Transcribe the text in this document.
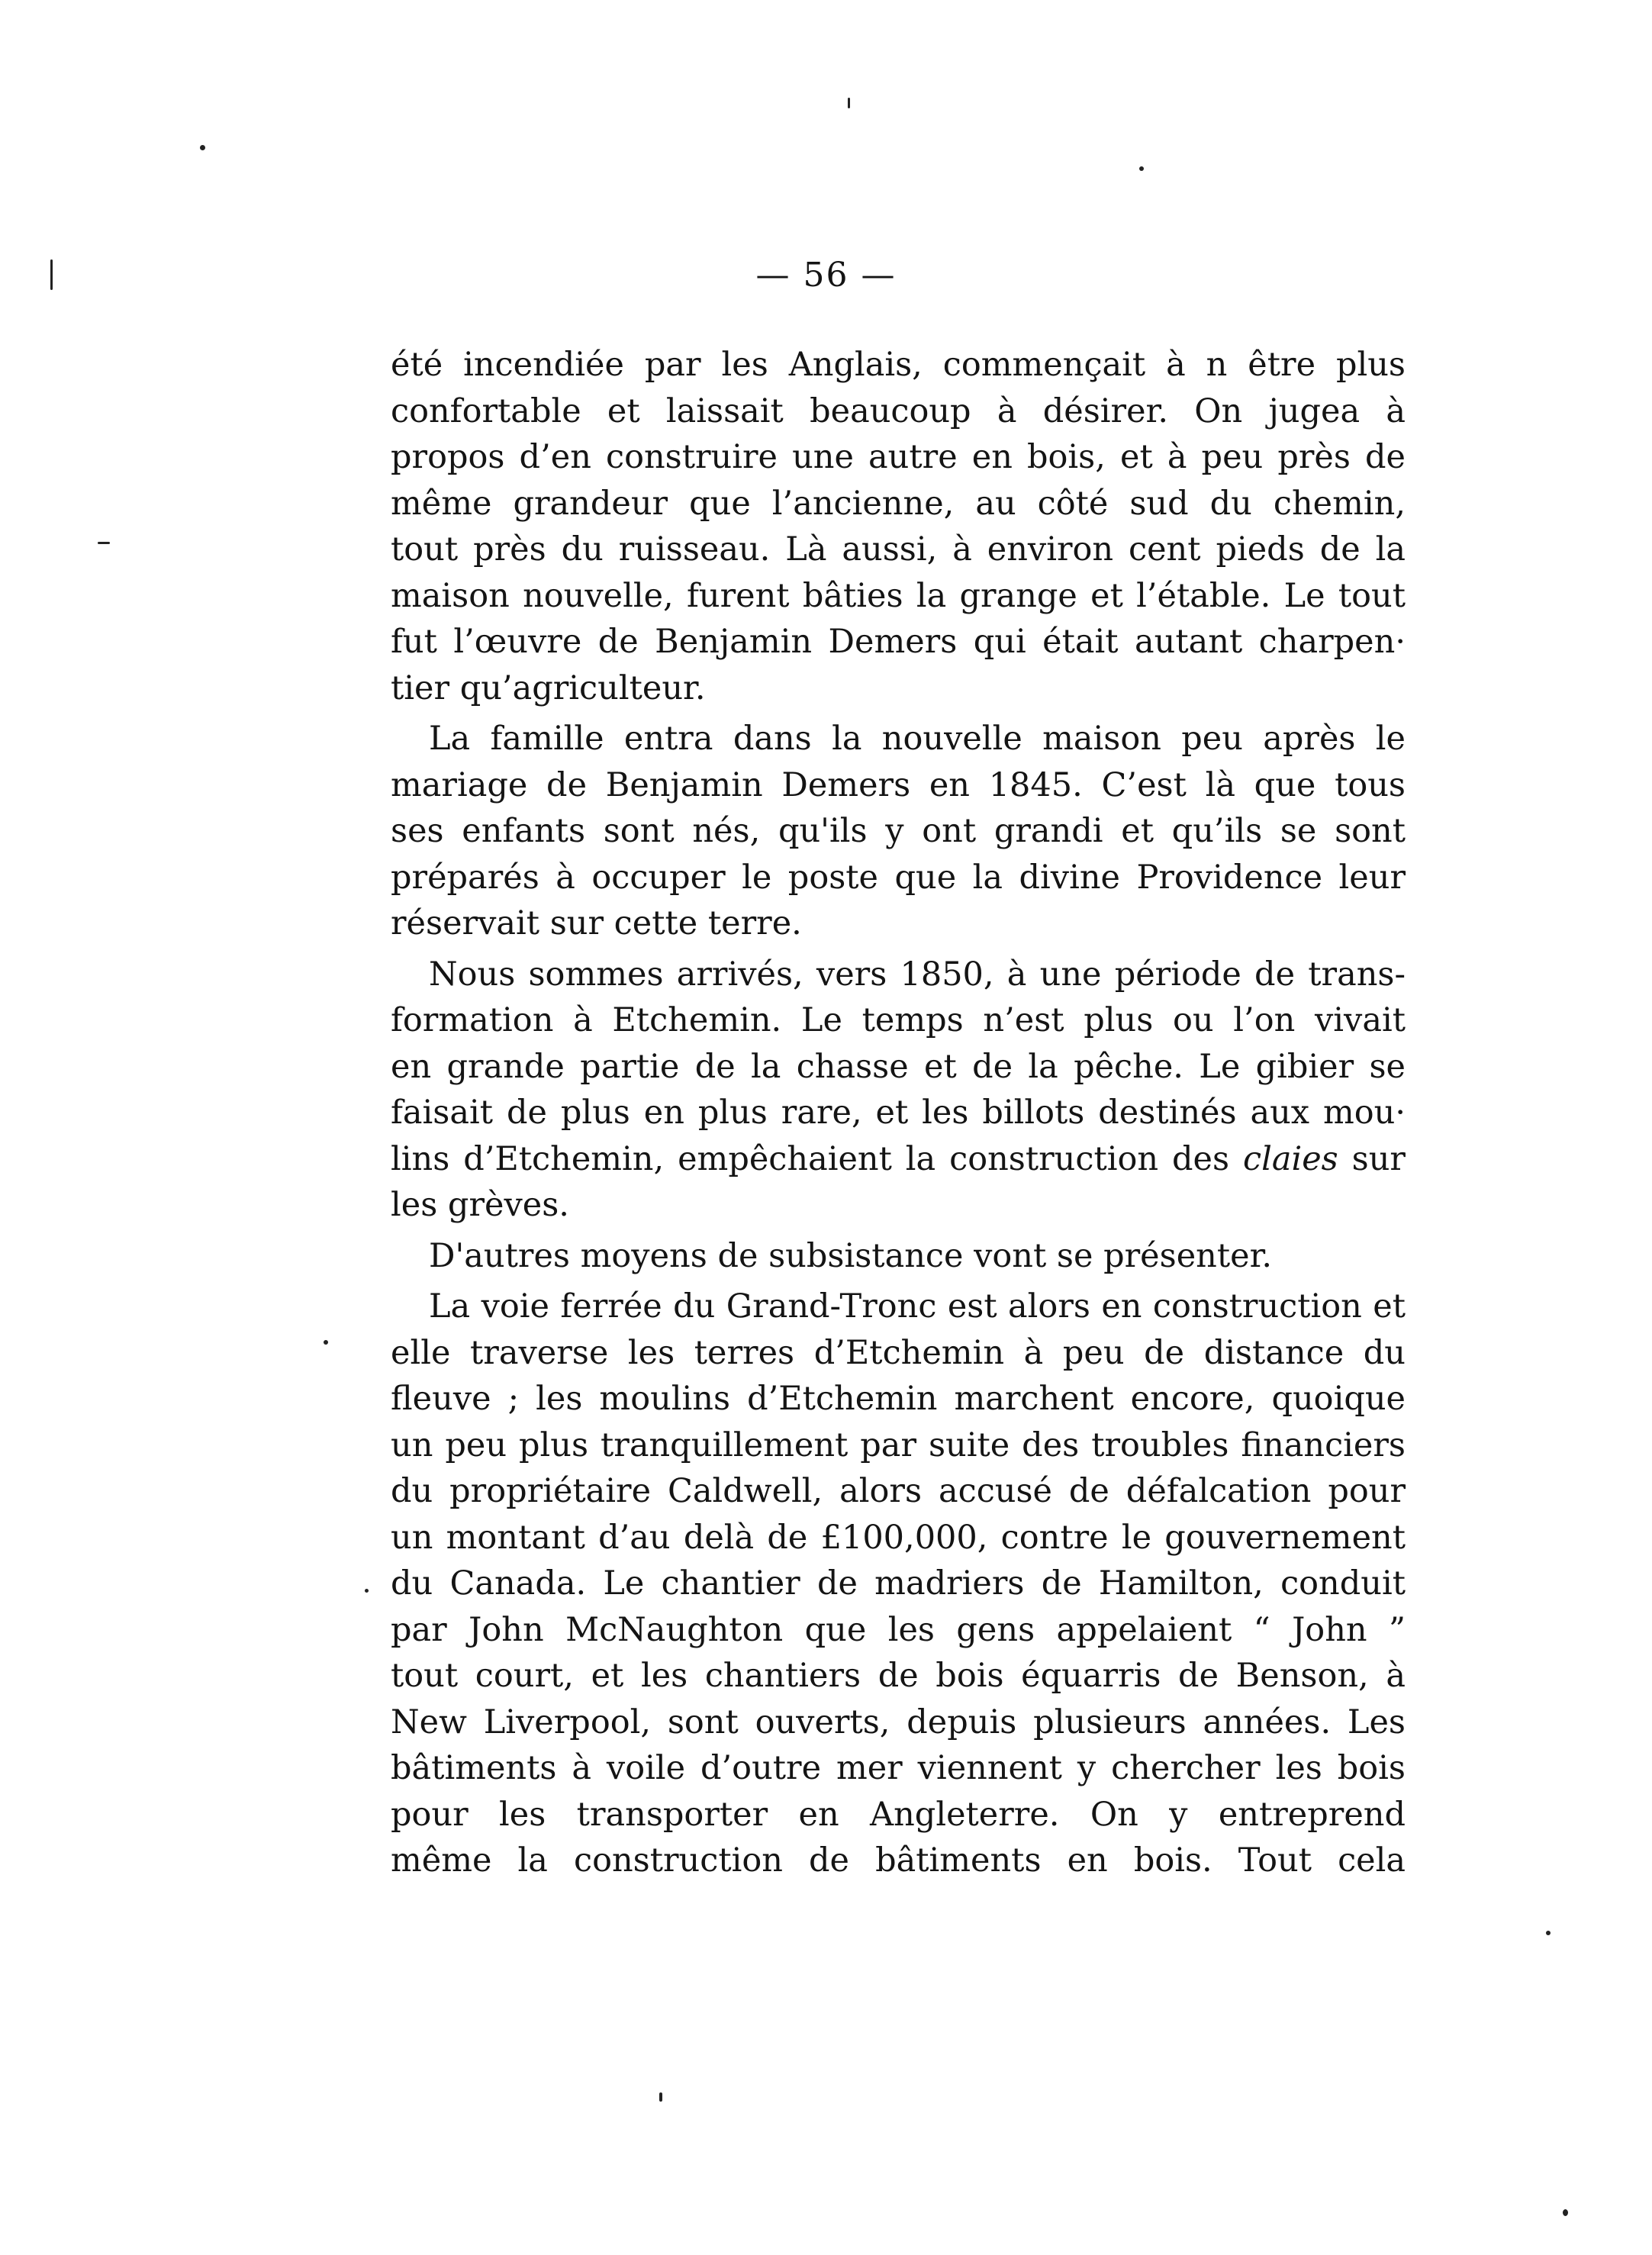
— 56 —

été incendiée par les Anglais, commençait à n être plus
confortable et laissait beaucoup à désirer. On jugea à
propos d’en construire une autre en bois, et à peu près de
même grandeur que l’ancienne, au côté sud du chemin,
tout près du ruisseau. Là aussi, à environ cent pieds de la
maison nouvelle, furent bâties la grange et l’étable. Le tout
fut l’œuvre de Benjamin Demers qui était autant charpen·
tier qu’agriculteur.

La famille entra dans la nouvelle maison peu après le
mariage de Benjamin Demers en 1845. C’est là que tous
ses enfants sont nés, qu'ils y ont grandi et qu’ils se sont
préparés à occuper le poste que la divine Providence leur
réservait sur cette terre.

Nous sommes arrivés, vers 1850, à une période de trans-
formation à Etchemin. Le temps n’est plus ou l’on vivait
en grande partie de la chasse et de la pêche. Le gibier se
faisait de plus en plus rare, et les billots destinés aux mou·
lins d’Etchemin, empêchaient la construction des claies sur
les grèves.

D'autres moyens de subsistance vont se présenter.

La voie ferrée du Grand-Tronc est alors en construction et
elle traverse les terres d’Etchemin à peu de distance du
fleuve ; les moulins d’Etchemin marchent encore, quoique
un peu plus tranquillement par suite des troubles financiers
du propriétaire Caldwell, alors accusé de défalcation pour
un montant d’au delà de £100,000, contre le gouvernement
du Canada. Le chantier de madriers de Hamilton, conduit
par John McNaughton que les gens appelaient “ John ”
tout court, et les chantiers de bois équarris de Benson, à
New Liverpool, sont ouverts, depuis plusieurs années. Les
bâtiments à voile d’outre mer viennent y chercher les bois
pour les transporter en Angleterre. On y entreprend
même la construction de bâtiments en bois. Tout cela
